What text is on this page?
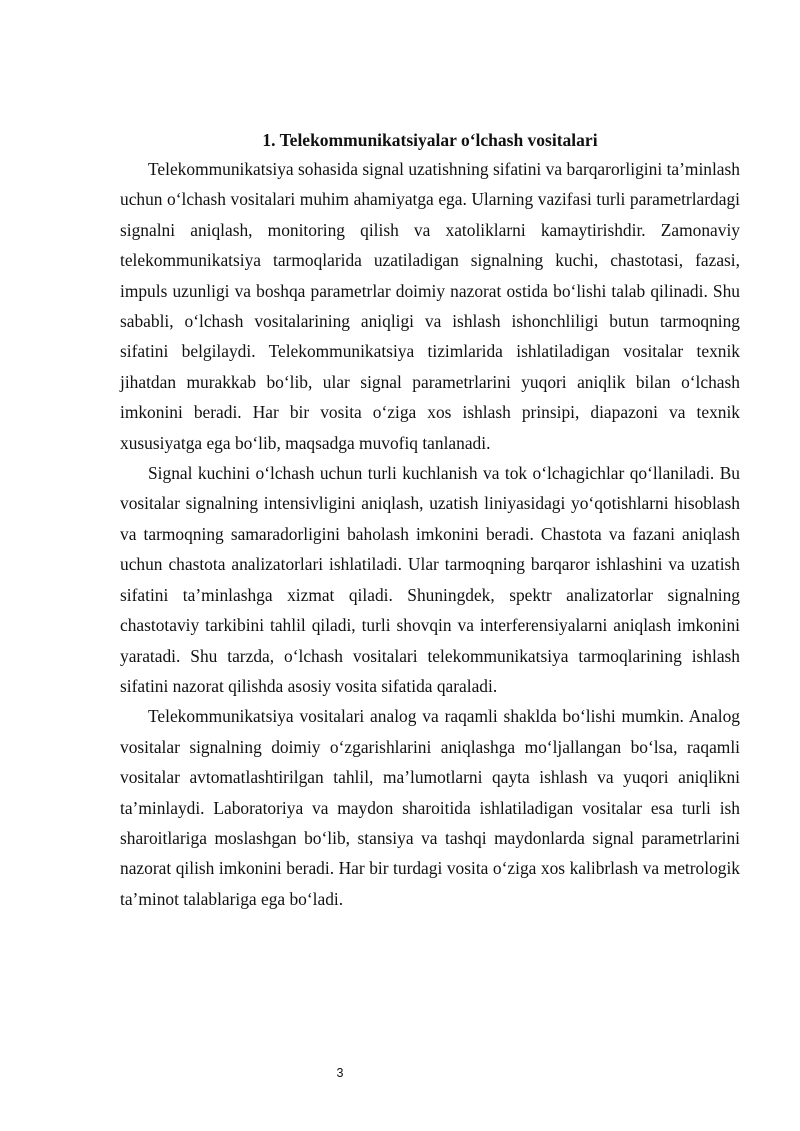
1. Telekommunikatsiyalar o‘lchash vositalari

Telekommunikatsiya sohasida signal uzatishning sifatini va barqarorligini ta’minlash uchun o‘lchash vositalari muhim ahamiyatga ega. Ularning vazifasi turli parametrlardagi signalni aniqlash, monitoring qilish va xatoliklarni kamaytirishdir. Zamonaviy telekommunikatsiya tarmoqlarida uzatiladigan signalning kuchi, chastotasi, fazasi, impuls uzunligi va boshqa parametrlar doimiy nazorat ostida bo‘lishi talab qilinadi. Shu sababli, o‘lchash vositalarining aniqligi va ishlash ishonchliligi butun tarmoqning sifatini belgilaydi. Telekommunikatsiya tizimlarida ishlatiladigan vositalar texnik jihatdan murakkab bo‘lib, ular signal parametrlarini yuqori aniqlik bilan o‘lchash imkonini beradi. Har bir vosita o‘ziga xos ishlash prinsipi, diapazoni va texnik xususiyatga ega bo‘lib, maqsadga muvofiq tanlanadi.

Signal kuchini o‘lchash uchun turli kuchlanish va tok o‘lchagichlar qo‘llaniladi. Bu vositalar signalning intensivligini aniqlash, uzatish liniyasidagi yo‘qotishlarni hisoblash va tarmoqning samaradorligini baholash imkonini beradi. Chastota va fazani aniqlash uchun chastota analizatorlari ishlatiladi. Ular tarmoqning barqaror ishlashini va uzatish sifatini ta’minlashga xizmat qiladi. Shuningdek, spektr analizatorlar signalning chastotaviy tarkibini tahlil qiladi, turli shovqin va interferensiyalarni aniqlash imkonini yaratadi. Shu tarzda, o‘lchash vositalari telekommunikatsiya tarmoqlarining ishlash sifatini nazorat qilishda asosiy vosita sifatida qaraladi.

Telekommunikatsiya vositalari analog va raqamli shaklda bo‘lishi mumkin. Analog vositalar signalning doimiy o‘zgarishlarini aniqlashga mo‘ljallangan bo‘lsa, raqamli vositalar avtomatlashtirilgan tahlil, ma’lumotlarni qayta ishlash va yuqori aniqlikni ta’minlaydi. Laboratoriya va maydon sharoitida ishlatiladigan vositalar esa turli ish sharoitlariga moslashgan bo‘lib, stansiya va tashqi maydonlarda signal parametrlarini nazorat qilish imkonini beradi. Har bir turdagi vosita o‘ziga xos kalibrlash va metrologik ta’minot talablariga ega bo‘ladi.

3
